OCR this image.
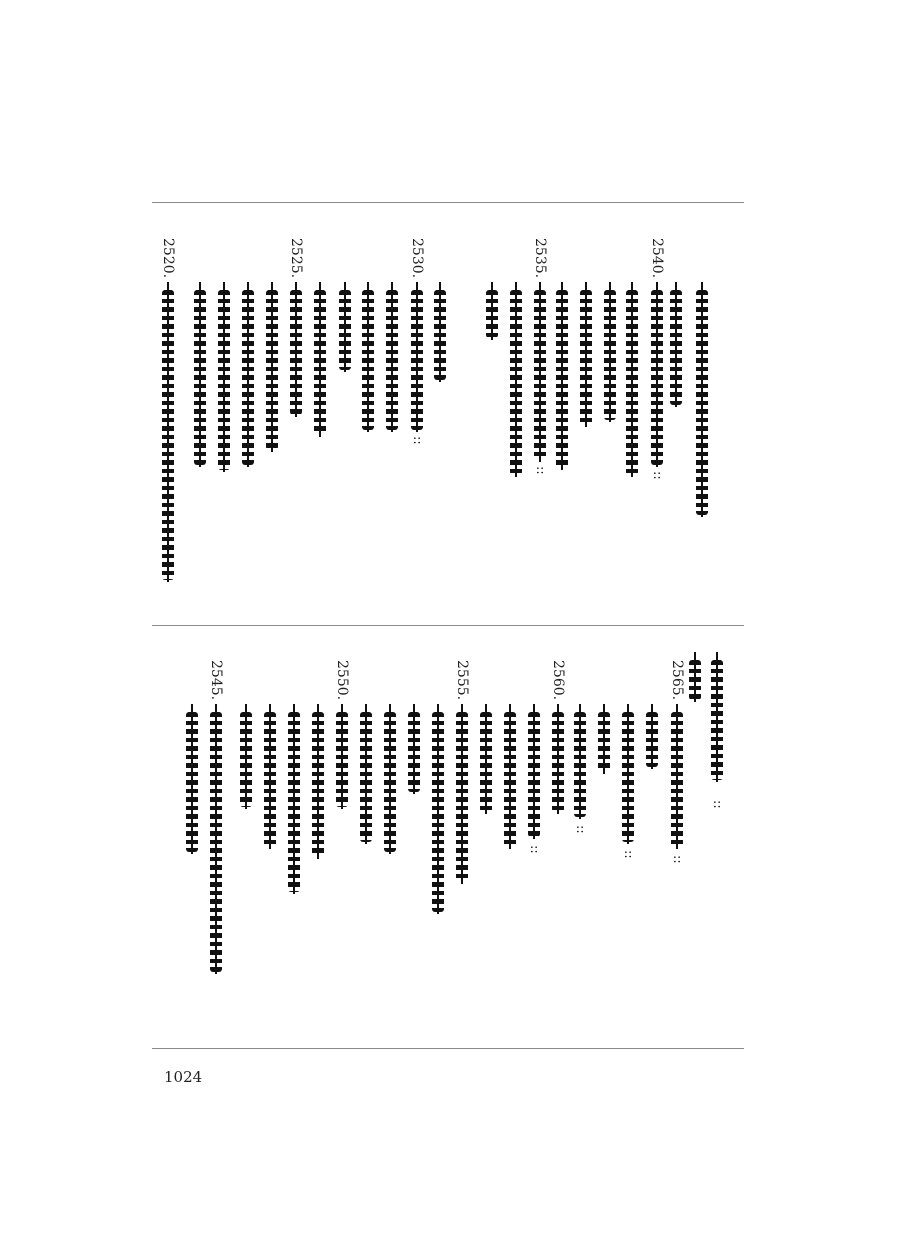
2540.
::
2535.
::
2530.
::
2525.
2520.
::
2565.
::
::
::
2560.
::
2555.
2550.
2545.
1024
